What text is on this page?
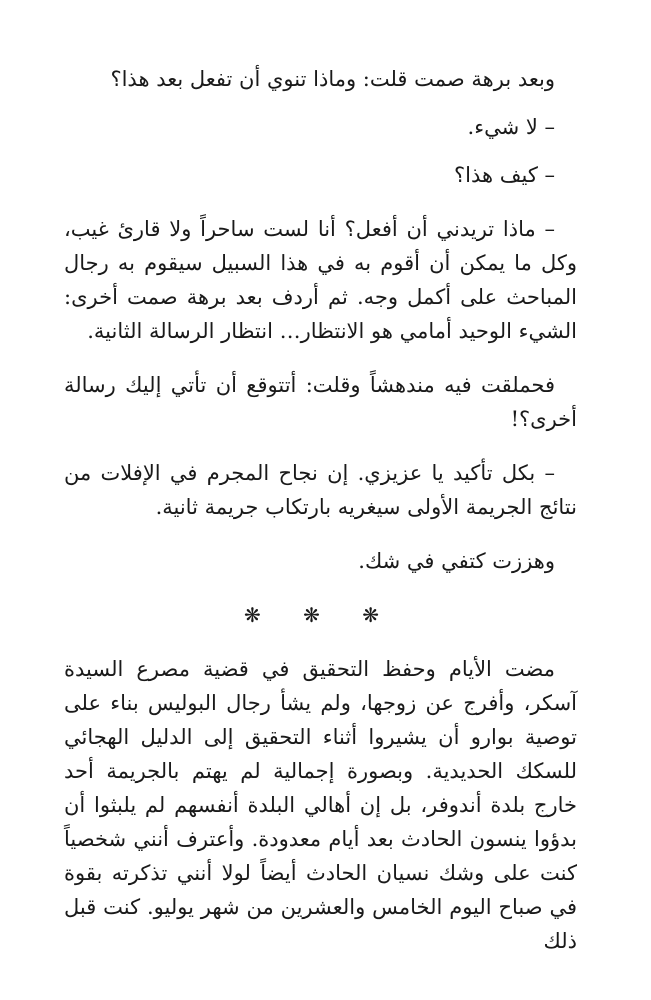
وبعد برهة صمت قلت: وماذا تنوي أن تفعل بعد هذا؟

– لا شيء.

– كيف هذا؟

– ماذا تريدني أن أفعل؟ أنا لست ساحراً ولا قارئ غيب، وكل ما يمكن أن أقوم به في هذا السبيل سيقوم به رجال المباحث على أكمل وجه. ثم أردف بعد برهة صمت أخرى: الشيء الوحيد أمامي هو الانتظار… انتظار الرسالة الثانية.

فحملقت فيه مندهشاً وقلت: أتتوقع أن تأتي إليك رسالة أخرى؟!

– بكل تأكيد يا عزيزي. إن نجاح المجرم في الإفلات من نتائج الجريمة الأولى سيغريه بارتكاب جريمة ثانية.

وهززت كتفي في شك.

❋ ❋ ❋

مضت الأيام وحفظ التحقيق في قضية مصرع السيدة آسكر، وأفرج عن زوجها، ولم يشأ رجال البوليس بناء على توصية بوارو أن يشيروا أثناء التحقيق إلى الدليل الهجائي للسكك الحديدية. وبصورة إجمالية لم يهتم بالجريمة أحد خارج بلدة أندوفر، بل إن أهالي البلدة أنفسهم لم يلبثوا أن بدؤوا ينسون الحادث بعد أيام معدودة. وأعترف أنني شخصياً كنت على وشك نسيان الحادث أيضاً لولا أنني تذكرته بقوة في صباح اليوم الخامس والعشرين من شهر يوليو. كنت قبل ذلك
